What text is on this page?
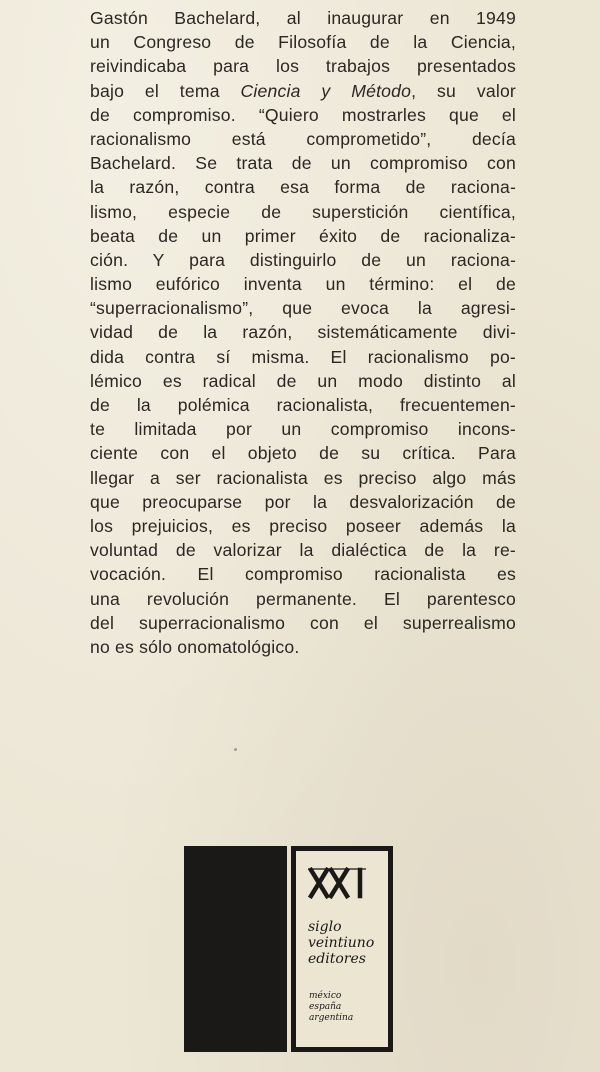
Gastón Bachelard, al inaugurar en 1949
un Congreso de Filosofía de la Ciencia,
reivindicaba para los trabajos presentados
bajo el tema Ciencia y Método, su valor
de compromiso. “Quiero mostrarles que el
racionalismo está comprometido”, decía
Bachelard. Se trata de un compromiso con
la razón, contra esa forma de raciona-
lismo, especie de superstición científica,
beata de un primer éxito de racionaliza-
ción. Y para distinguirlo de un raciona-
lismo eufórico inventa un término: el de
“superracionalismo”, que evoca la agresi-
vidad de la razón, sistemáticamente divi-
dida contra sí misma. El racionalismo po-
lémico es radical de un modo distinto al
de la polémica racionalista, frecuentemen-
te limitada por un compromiso incons-
ciente con el objeto de su crítica. Para
llegar a ser racionalista es preciso algo más
que preocuparse por la desvalorización de
los prejuicios, es preciso poseer además la
voluntad de valorizar la dialéctica de la re-
vocación. El compromiso racionalista es
una revolución permanente. El parentesco
del superracionalismo con el superrealismo
no es sólo onomatológico.
siglo
veintiuno
editores
méxico
españa
argentina
